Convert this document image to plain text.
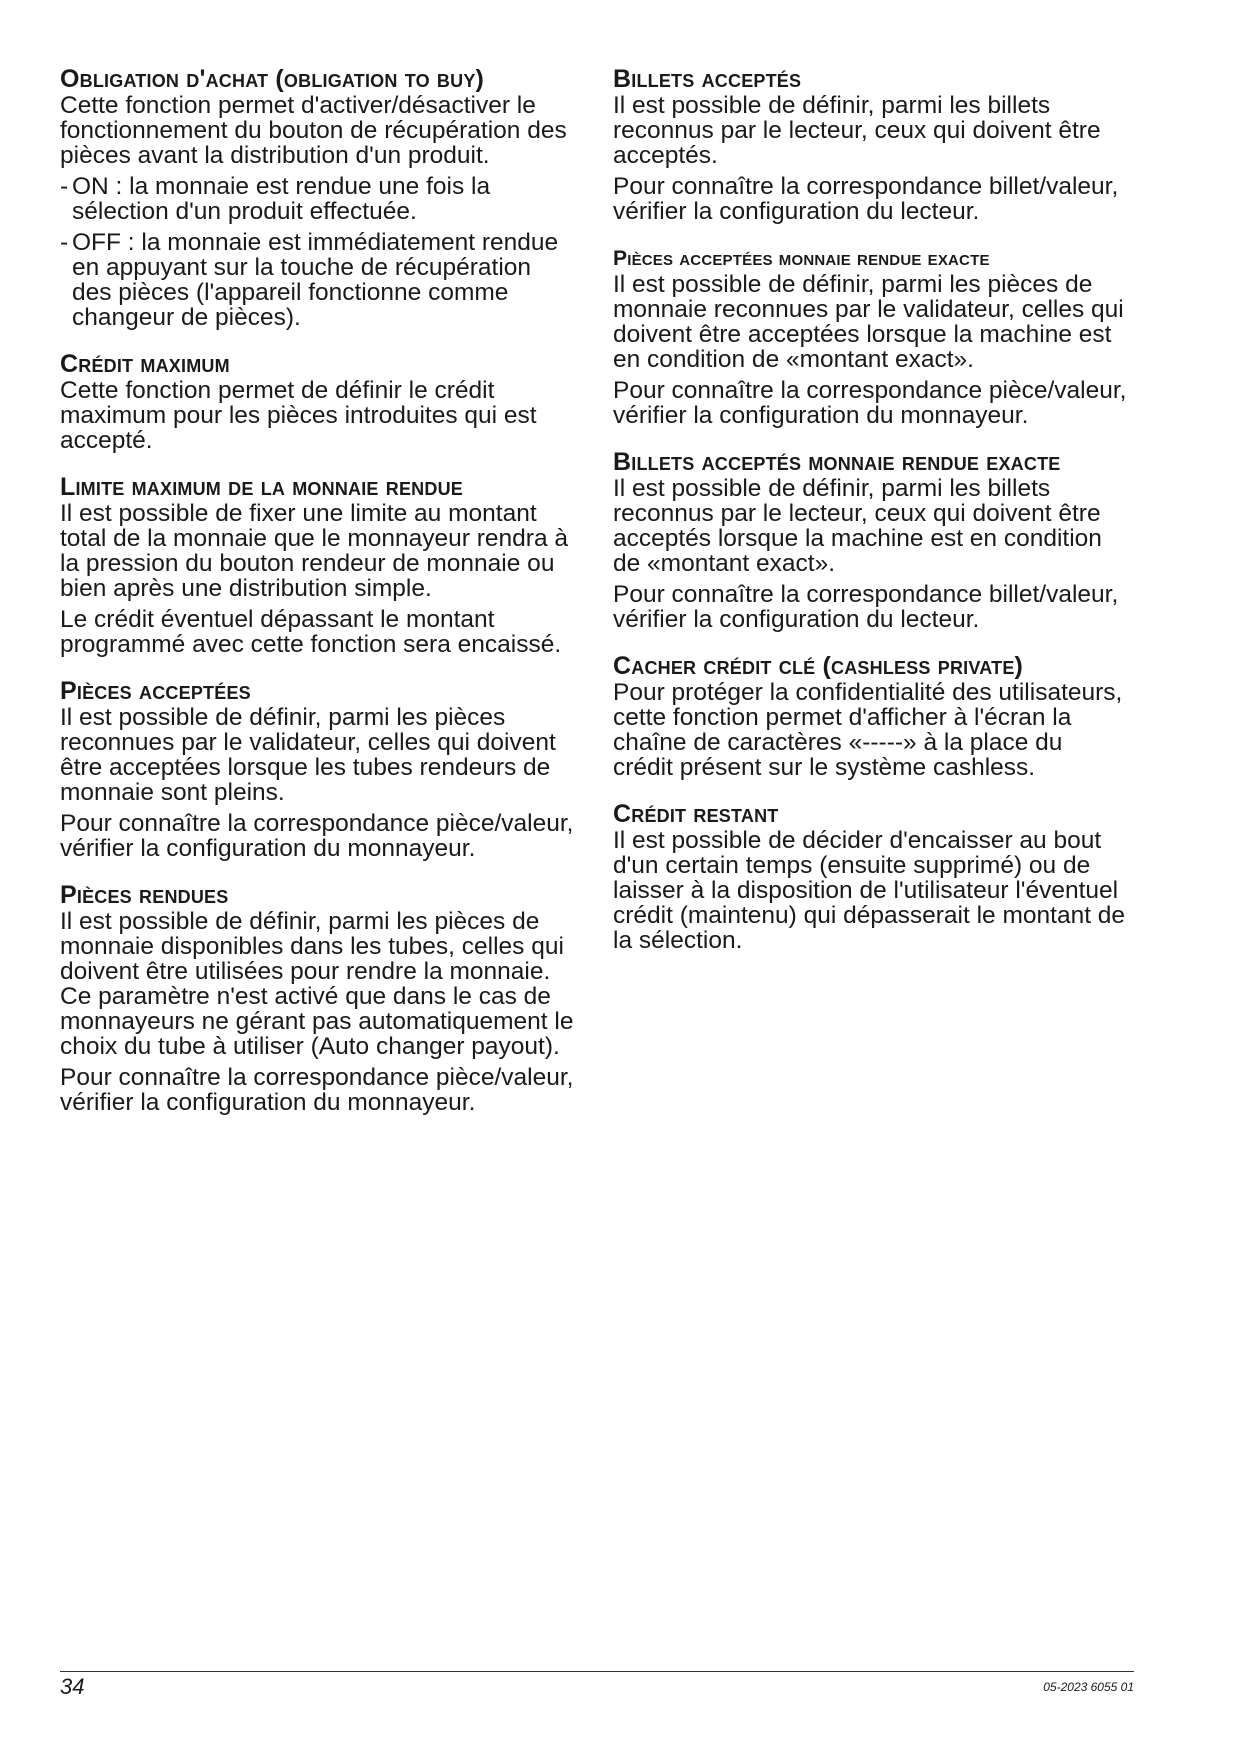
Obligation d'achat (obligation to buy)

Cette fonction permet d'activer/désactiver le fonctionnement du bouton de récupération des pièces avant la distribution d'un produit.

- ON : la monnaie est rendue une fois la sélection d'un produit effectuée.
- OFF : la monnaie est immédiatement rendue en appuyant sur la touche de récupération des pièces (l'appareil fonctionne comme changeur de pièces).
Crédit maximum

Cette fonction permet de définir le crédit maximum pour les pièces introduites qui est accepté.

Limite maximum de la monnaie rendue

Il est possible de fixer une limite au montant total de la monnaie que le monnayeur rendra à la pression du bouton rendeur de monnaie ou bien après une distribution simple.

Le crédit éventuel dépassant le montant programmé avec cette fonction sera encaissé.

Pièces acceptées

Il est possible de définir, parmi les pièces reconnues par le validateur, celles qui doivent être acceptées lorsque les tubes rendeurs de monnaie sont pleins.

Pour connaître la correspondance pièce/valeur, vérifier la configuration du monnayeur.

Pièces rendues

Il est possible de définir, parmi les pièces de monnaie disponibles dans les tubes, celles qui doivent être utilisées pour rendre la monnaie. Ce paramètre n'est activé que dans le cas de monnayeurs ne gérant pas automatiquement le choix du tube à utiliser (Auto changer payout).

Pour connaître la correspondance pièce/valeur, vérifier la configuration du monnayeur.

Billets acceptés

Il est possible de définir, parmi les billets reconnus par le lecteur, ceux qui doivent être acceptés.

Pour connaître la correspondance billet/valeur, vérifier la configuration du lecteur.

Pièces acceptées monnaie rendue exacte

Il est possible de définir, parmi les pièces de monnaie reconnues par le validateur, celles qui doivent être acceptées lorsque la machine est en condition de «montant exact».

Pour connaître la correspondance pièce/valeur, vérifier la configuration du monnayeur.

Billets acceptés monnaie rendue exacte

Il est possible de définir, parmi les billets reconnus par le lecteur, ceux qui doivent être acceptés lorsque la machine est en condition de «montant exact».

Pour connaître la correspondance billet/valeur, vérifier la configuration du lecteur.

Cacher crédit clé (cashless private)

Pour protéger la confidentialité des utilisateurs, cette fonction permet d'afficher à l'écran la chaîne de caractères «-----» à la place du crédit présent sur le système cashless.

Crédit restant

Il est possible de décider d'encaisser au bout d'un certain temps (ensuite supprimé) ou de laisser à la disposition de l'utilisateur l'éventuel crédit (maintenu) qui dépasserait le montant de la sélection.

34	05-2023 6055 01
